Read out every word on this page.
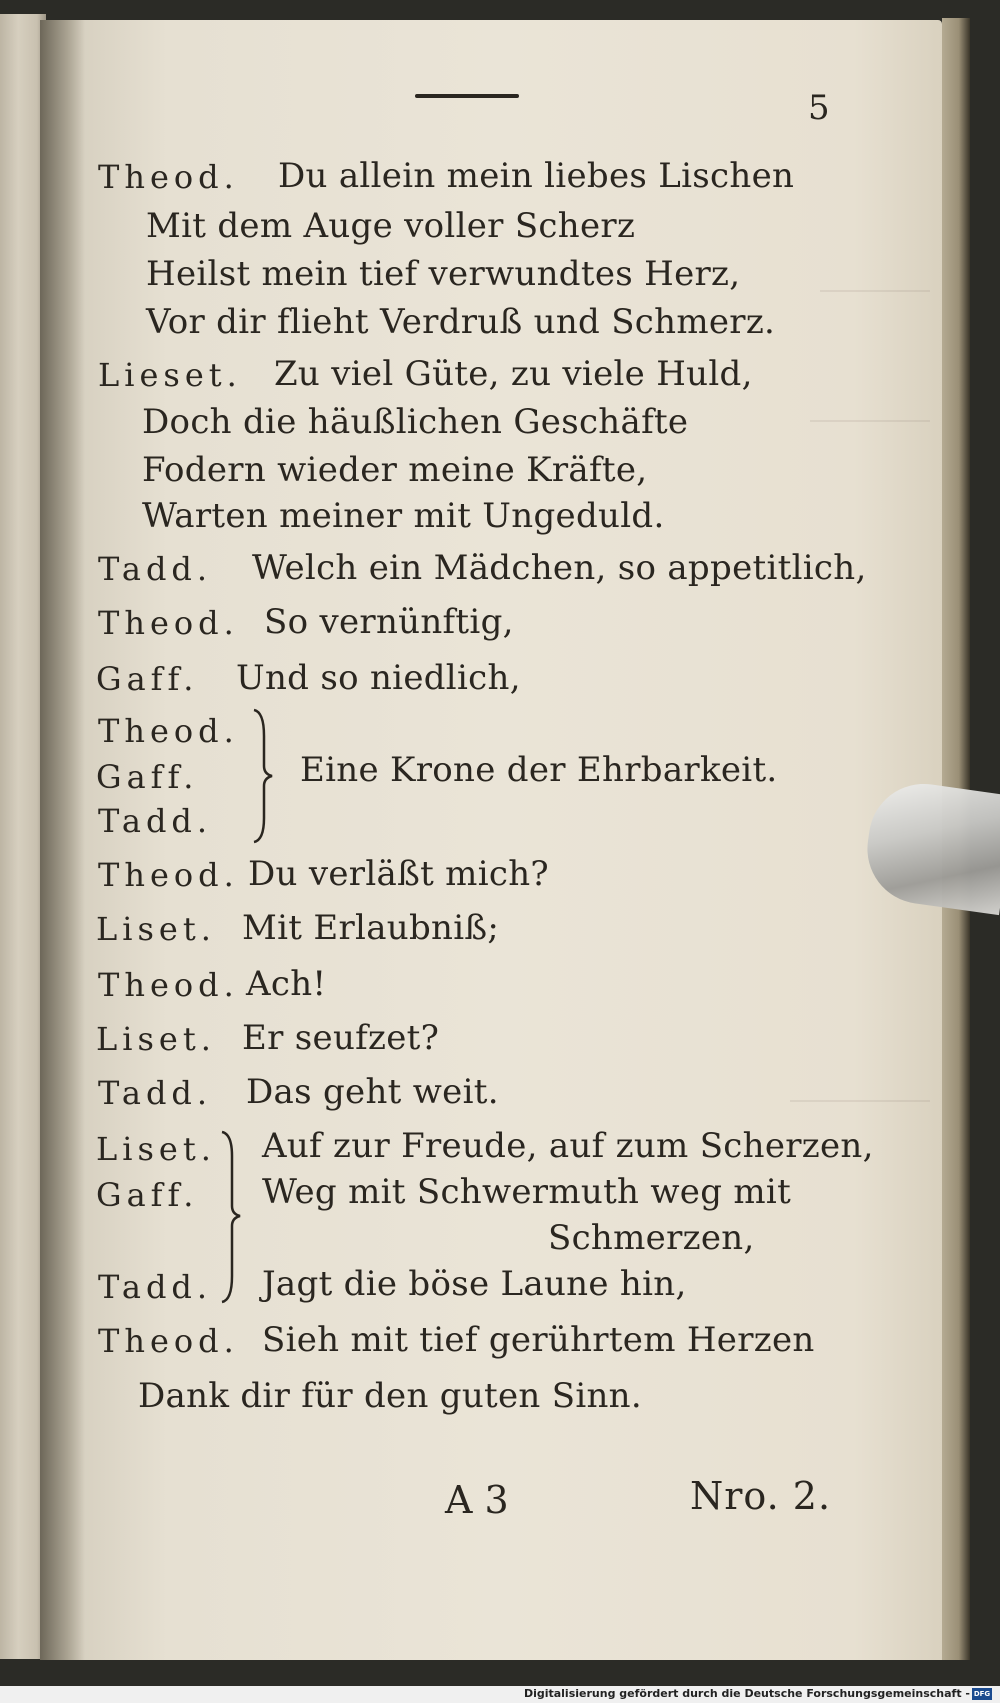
5
Theod. Du allein mein liebes Lischen
Mit dem Auge voller Scherz
Heilst mein tief verwundtes Herz,
Vor dir flieht Verdruß und Schmerz.
Lieset. Zu viel Güte, zu viele Huld,
Doch die häußlichen Geschäfte
Fodern wieder meine Kräfte,
Warten meiner mit Ungeduld.
Tadd. Welch ein Mädchen, so appetitlich,
Theod. So vernünftig,
Gaff. Und so niedlich,
Theod.
Gaff.
Tadd.
Eine Krone der Ehrbarkeit.
Theod. Du verläßt mich?
Liset. Mit Erlaubniß;
Theod. Ach!
Liset. Er seufzet?
Tadd. Das geht weit.
Liset.
Gaff.
Tadd.
Auf zur Freude, auf zum Scherzen,
Weg mit Schwermuth weg mit
Schmerzen,
Jagt die böse Laune hin,
Theod. Sieh mit tief gerührtem Herzen
Dank dir für den guten Sinn.
A 3	Nro. 2.
Digitalisierung gefördert durch die Deutsche Forschungsgemeinschaft - DFG
